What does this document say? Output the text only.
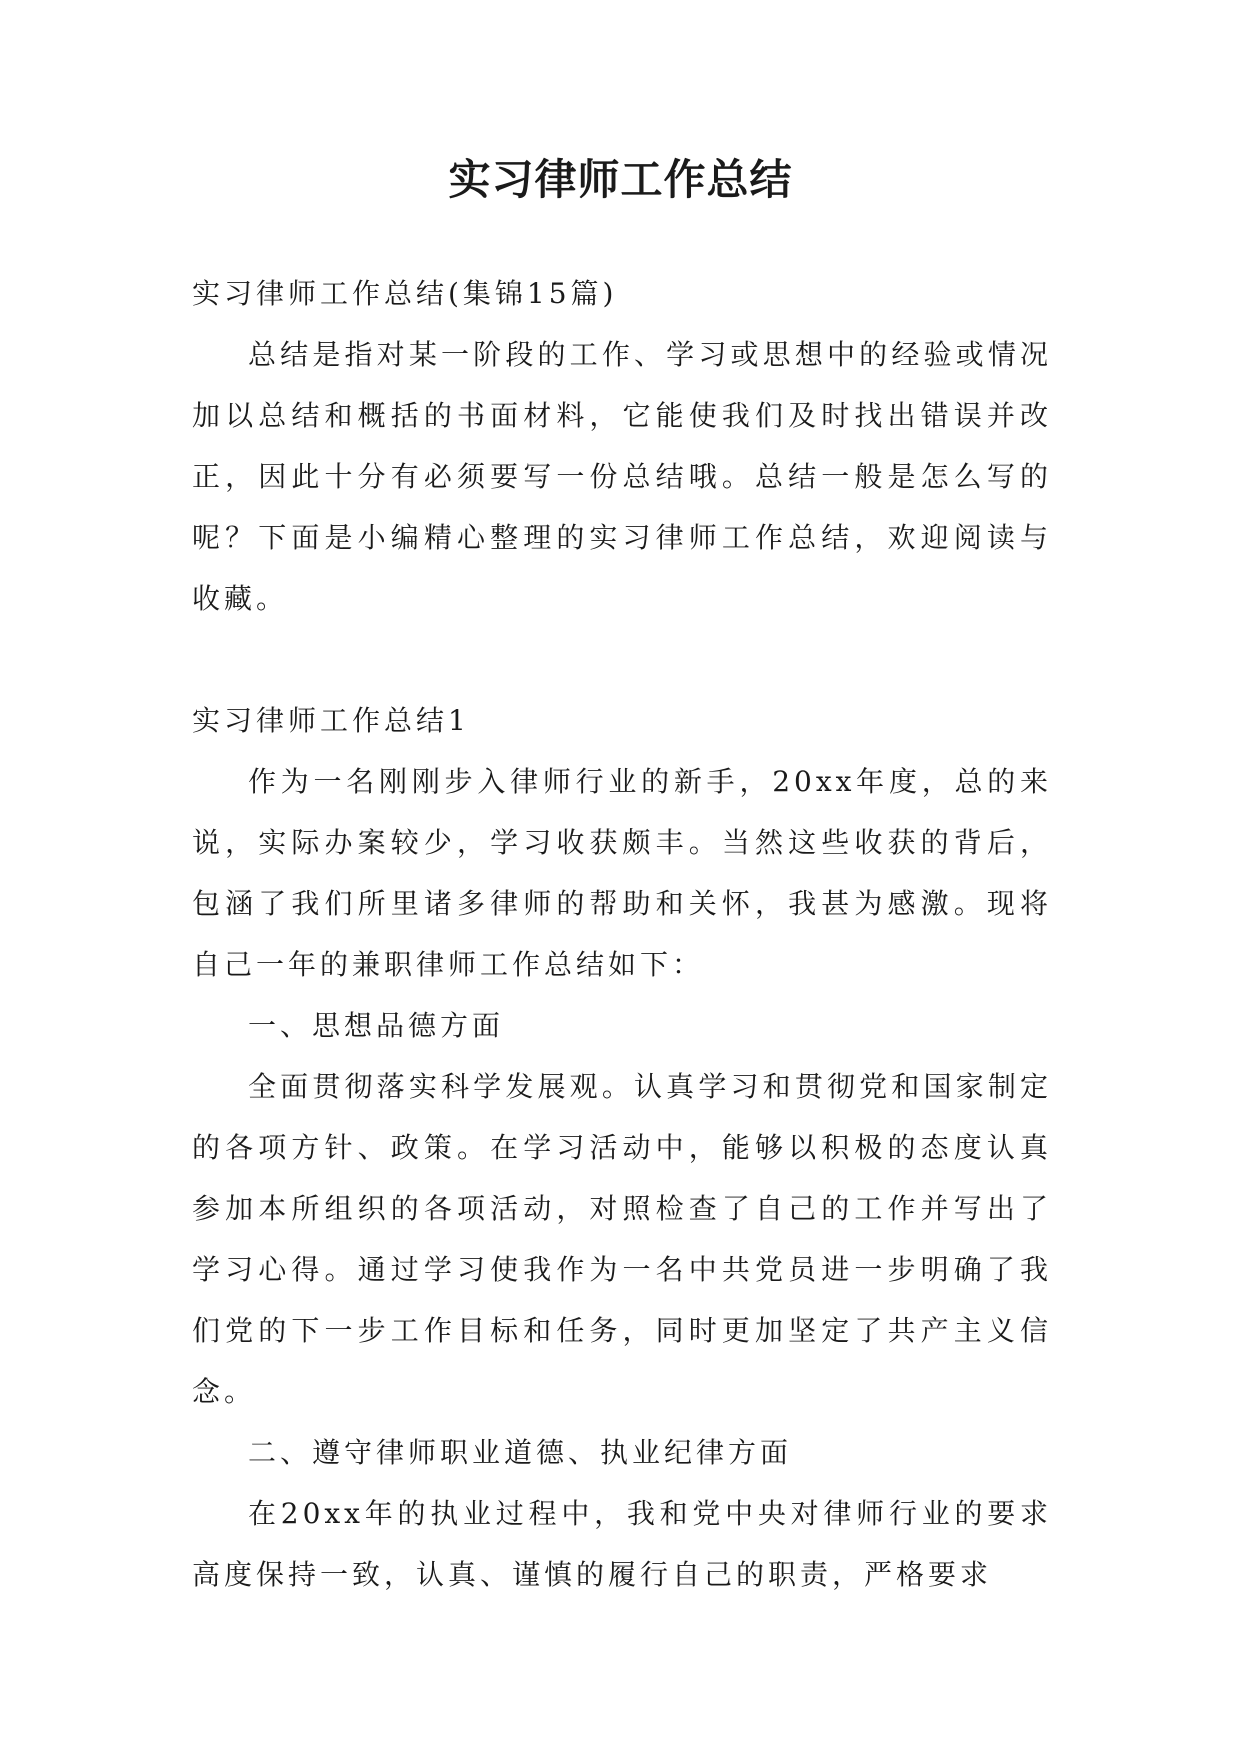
实习律师工作总结

实习律师工作总结(集锦15篇)

总结是指对某一阶段的工作、学习或思想中的经验或情况加以总结和概括的书面材料，它能使我们及时找出错误并改正，因此十分有必须要写一份总结哦。总结一般是怎么写的呢？下面是小编精心整理的实习律师工作总结，欢迎阅读与收藏。

实习律师工作总结1

作为一名刚刚步入律师行业的新手，20xx年度，总的来说，实际办案较少，学习收获颇丰。当然这些收获的背后，包涵了我们所里诸多律师的帮助和关怀，我甚为感激。现将自己一年的兼职律师工作总结如下：

一、思想品德方面

全面贯彻落实科学发展观。认真学习和贯彻党和国家制定的各项方针、政策。在学习活动中，能够以积极的态度认真参加本所组织的各项活动，对照检查了自己的工作并写出了学习心得。通过学习使我作为一名中共党员进一步明确了我们党的下一步工作目标和任务，同时更加坚定了共产主义信念。

二、遵守律师职业道德、执业纪律方面

在20xx年的执业过程中，我和党中央对律师行业的要求高度保持一致，认真、谨慎的履行自己的职责，严格要求
